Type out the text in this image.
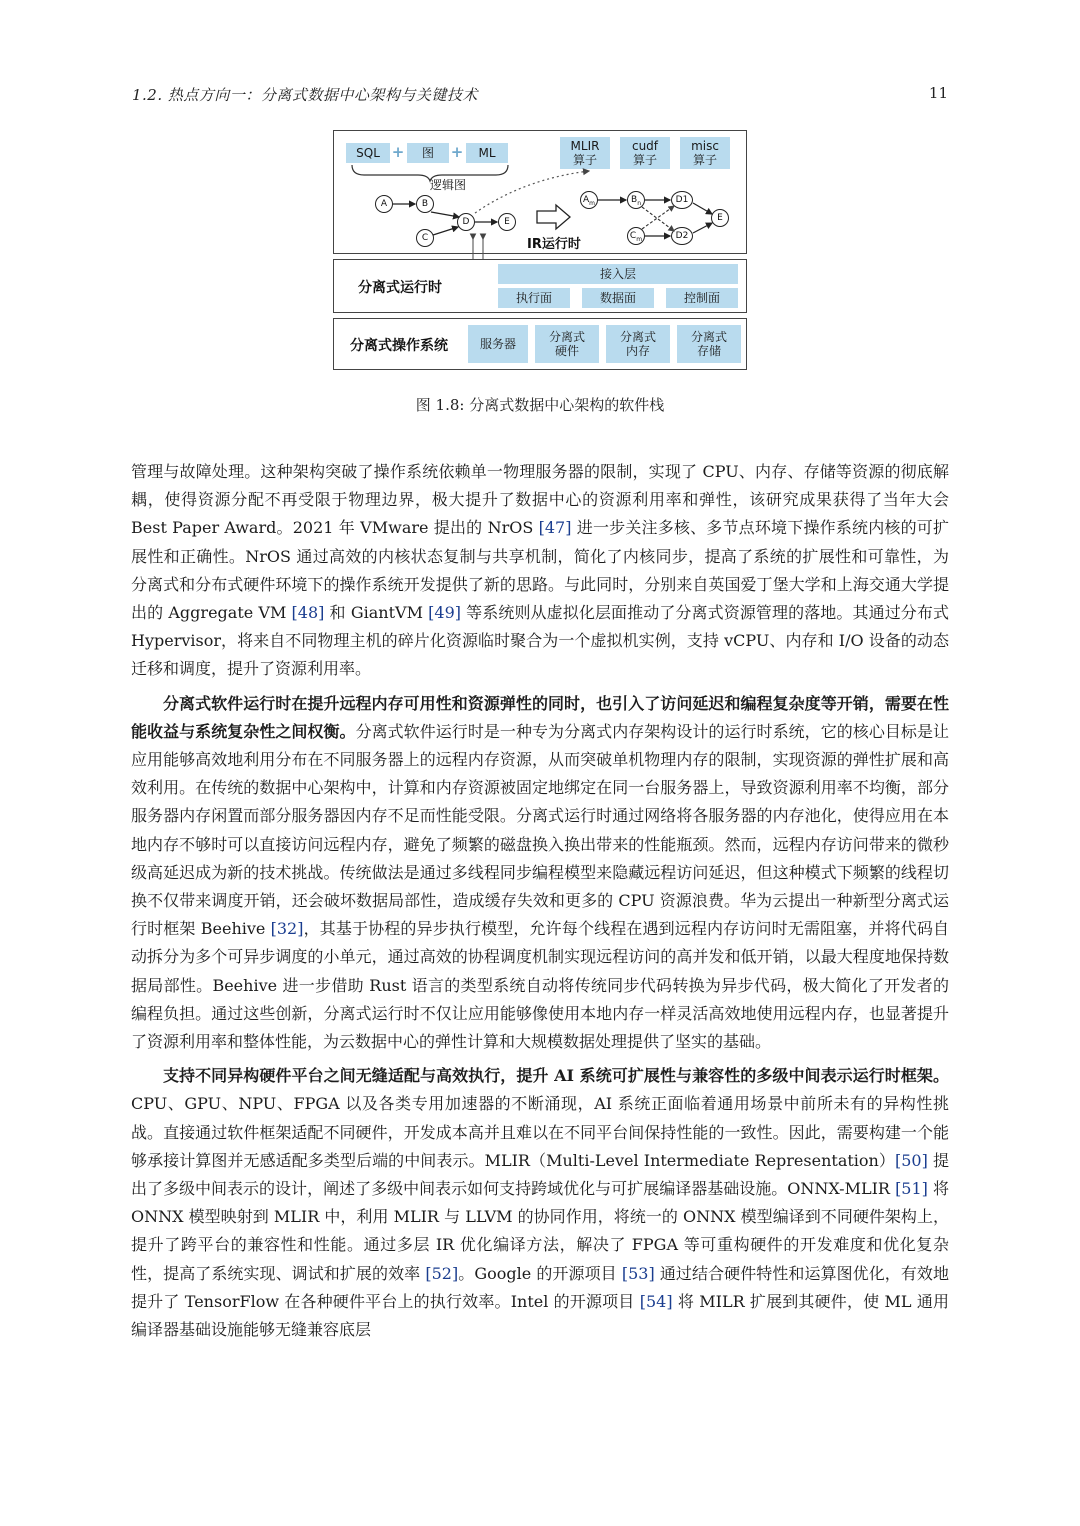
1.2. 热点方向一：分离式数据中心架构与关键技术	11
SQL +	图	+	ML	MLIR
算子
cudf
算子
misc
算子
逻辑图
A	B
C
D	E
$A_m$	$B_n$
$C_m$
D1
D2
E
IR运行时
分离式运行时
接入层
执行面	数据面	控制面
分离式操作系统	服务器	分离式
硬件
分离式
内存
分离式
存储
图 1.8: 分离式数据中心架构的软件栈

管理与故障处理。这种架构突破了操作系统依赖单一物理服务器的限制，实现了 CPU、内存、存储等资源的彻底解耦，使得资源分配不再受限于物理边界，极大提升了数据中心的资源利用率和弹性，该研究成果获得了当年大会 Best Paper Award。2021 年 VMware 提出的 NrOS [47] 进一步关注多核、多节点环境下操作系统内核的可扩展性和正确性。NrOS 通过高效的内核状态复制与共享机制，简化了内核同步，提高了系统的扩展性和可靠性，为分离式和分布式硬件环境下的操作系统开发提供了新的思路。与此同时，分别来自英国爱丁堡大学和上海交通大学提出的 Aggregate VM [48] 和 GiantVM [49] 等系统则从虚拟化层面推动了分离式资源管理的落地。其通过分布式 Hypervisor，将来自不同物理主机的碎片化资源临时聚合为一个虚拟机实例，支持 vCPU、内存和 I/O 设备的动态迁移和调度，提升了资源利用率。

分离式软件运行时在提升远程内存可用性和资源弹性的同时，也引入了访问延迟和编程复杂度等开销，需要在性能收益与系统复杂性之间权衡。分离式软件运行时是一种专为分离式内存架构设计的运行时系统，它的核心目标是让应用能够高效地利用分布在不同服务器上的远程内存资源，从而突破单机物理内存的限制，实现资源的弹性扩展和高效利用。在传统的数据中心架构中，计算和内存资源被固定地绑定在同一台服务器上，导致资源利用率不均衡，部分服务器内存闲置而部分服务器因内存不足而性能受限。分离式运行时通过网络将各服务器的内存池化，使得应用在本地内存不够时可以直接访问远程内存，避免了频繁的磁盘换入换出带来的性能瓶颈。然而，远程内存访问带来的微秒级高延迟成为新的技术挑战。传统做法是通过多线程同步编程模型来隐藏远程访问延迟，但这种模式下频繁的线程切换不仅带来调度开销，还会破坏数据局部性，造成缓存失效和更多的 CPU 资源浪费。华为云提出一种新型分离式运行时框架 Beehive [32]，其基于协程的异步执行模型，允许每个线程在遇到远程内存访问时无需阻塞，并将代码自动拆分为多个可异步调度的小单元，通过高效的协程调度机制实现远程访问的高并发和低开销，以最大程度地保持数据局部性。Beehive 进一步借助 Rust 语言的类型系统自动将传统同步代码转换为异步代码，极大简化了开发者的编程负担。通过这些创新，分离式运行时不仅让应用能够像使用本地内存一样灵活高效地使用远程内存，也显著提升了资源利用率和整体性能，为云数据中心的弹性计算和大规模数据处理提供了坚实的基础。

支持不同异构硬件平台之间无缝适配与高效执行，提升 AI 系统可扩展性与兼容性的多级中间表示运行时框架。 CPU、GPU、NPU、FPGA 以及各类专用加速器的不断涌现，AI 系统正面临着通用场景中前所未有的异构性挑战。直接通过软件框架适配不同硬件，开发成本高并且难以在不同平台间保持性能的一致性。因此，需要构建一个能够承接计算图并无感适配多类型后端的中间表示。MLIR（Multi-Level Intermediate Representation）[50] 提出了多级中间表示的设计，阐述了多级中间表示如何支持跨域优化与可扩展编译器基础设施。ONNX-MLIR [51] 将 ONNX 模型映射到 MLIR 中，利用 MLIR 与 LLVM 的协同作用，将统一的 ONNX 模型编译到不同硬件架构上，提升了跨平台的兼容性和性能。通过多层 IR 优化编译方法，解决了 FPGA 等可重构硬件的开发难度和优化复杂性，提高了系统实现、调试和扩展的效率 [52]。Google 的开源项目 [53] 通过结合硬件特性和运算图优化，有效地提升了 TensorFlow 在各种硬件平台上的执行效率。Intel 的开源项目 [54] 将 MILR 扩展到其硬件，使 ML 通用编译器基础设施能够无缝兼容底层
